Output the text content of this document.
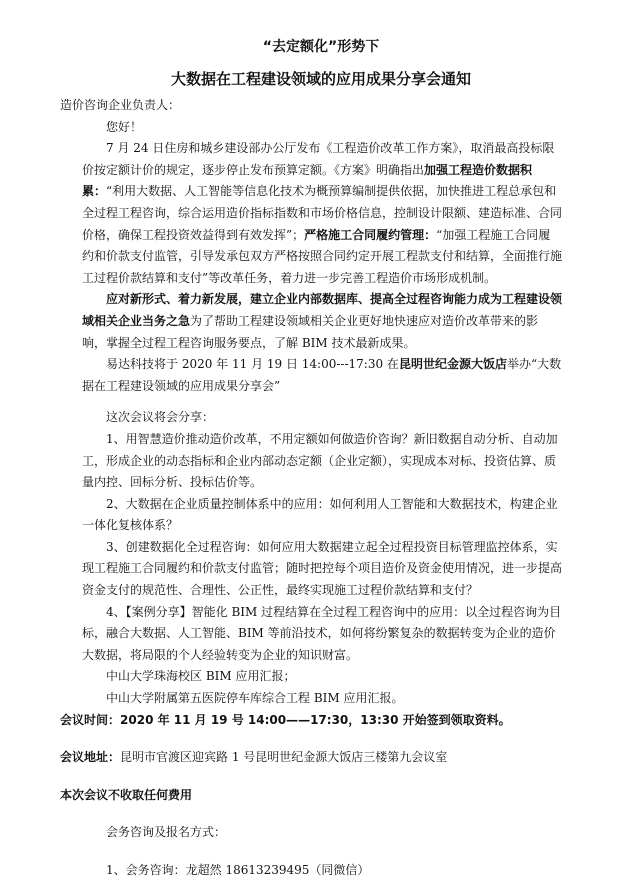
“去定额化”形势下
大数据在工程建设领域的应用成果分享会通知

造价咨询企业负责人：

您好！

7 月 24 日住房和城乡建设部办公厅发布《工程造价改革工作方案》，取消最高投标限价按定额计价的规定，逐步停止发布预算定额。《方案》明确指出加强工程造价数据积累：“利用大数据、人工智能等信息化技术为概预算编制提供依据，加快推进工程总承包和全过程工程咨询，综合运用造价指标指数和市场价格信息，控制设计限额、建造标准、合同价格，确保工程投资效益得到有效发挥”；严格施工合同履约管理：“加强工程施工合同履约和价款支付监管，引导发承包双方严格按照合同约定开展工程款支付和结算，全面推行施工过程价款结算和支付”等改革任务，着力进一步完善工程造价市场形成机制。

应对新形式、着力新发展，建立企业内部数据库、提高全过程咨询能力成为工程建设领域相关企业当务之急为了帮助工程建设领域相关企业更好地快速应对造价改革带来的影响，掌握全过程工程咨询服务要点，了解 BIM 技术最新成果。

易达科技将于 2020 年 11 月 19 日 14:00---17:30 在昆明世纪金源大饭店举办“大数据在工程建设领域的应用成果分享会”

这次会议将会分享：

1、用智慧造价推动造价改革，不用定额如何做造价咨询？新旧数据自动分析、自动加工，形成企业的动态指标和企业内部动态定额（企业定额），实现成本对标、投资估算、质量内控、回标分析、投标估价等。

2、大数据在企业质量控制体系中的应用：如何利用人工智能和大数据技术，构建企业一体化复核体系？

3、创建数据化全过程咨询：如何应用大数据建立起全过程投资目标管理监控体系，实现工程施工合同履约和价款支付监管；随时把控每个项目造价及资金使用情况，进一步提高资金支付的规范性、合理性、公正性，最终实现施工过程价款结算和支付？

4、【案例分享】智能化 BIM 过程结算在全过程工程咨询中的应用：以全过程咨询为目标，融合大数据、人工智能、BIM 等前沿技术，如何将纷繁复杂的数据转变为企业的造价大数据，将局限的个人经验转变为企业的知识财富。

中山大学珠海校区 BIM 应用汇报；

中山大学附属第五医院停车库综合工程 BIM 应用汇报。

会议时间：2020 年 11 月 19 号 14:00——17:30，13:30 开始签到领取资料。

会议地址：昆明市官渡区迎宾路 1 号昆明世纪金源大饭店三楼第九会议室

本次会议不收取任何费用

会务咨询及报名方式：

1、会务咨询：龙超然 18613239495（同微信）
